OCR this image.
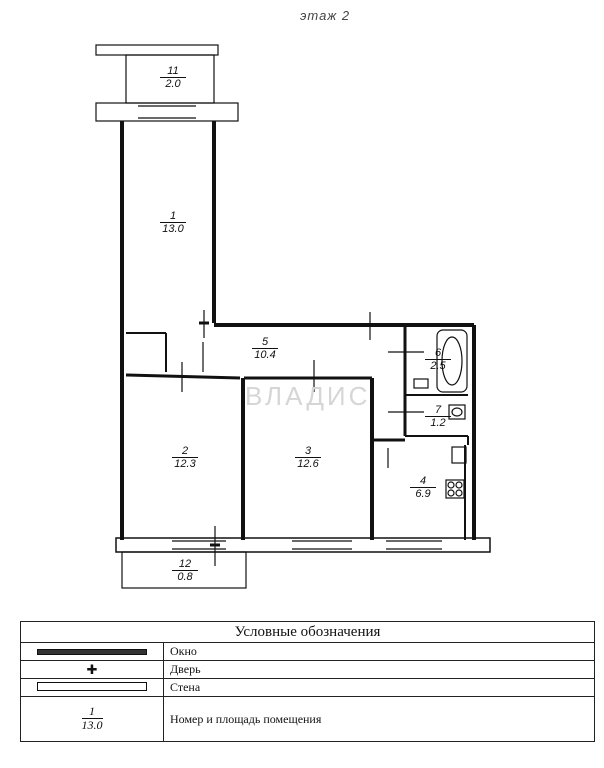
этаж 2
ВЛАДИС
11
2.0
1
13.0
5
10.4	6
2.5
7
1.2
2
12.3
3
12.6
4
6.9
12
0.8
Условные обозначения	
	Окно
✚	Дверь
	Стена
$\frac{1}{13.0}$	Номер и площадь помещения
